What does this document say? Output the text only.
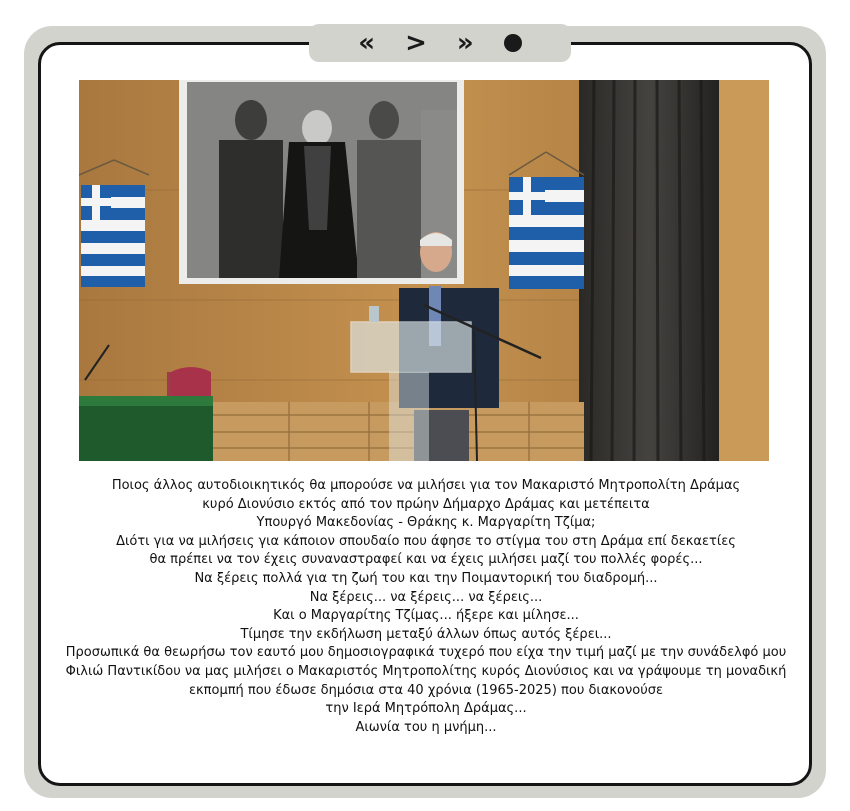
« > »
Ποιος άλλος αυτοδιοικητικός θα μπορούσε να μιλήσει για τον Μακαριστό Μητροπολίτη Δράμας
κυρό Διονύσιο εκτός από τον πρώην Δήμαρχο Δράμας και μετέπειτα
Υπουργό Μακεδονίας - Θράκης κ. Μαργαρίτη Τζίμα;
Διότι για να μιλήσεις για κάποιον σπουδαίο που άφησε το στίγμα του στη Δράμα επί δεκαετίες
θα πρέπει να τον έχεις συναναστραφεί και να έχεις μιλήσει μαζί του πολλές φορές...
Να ξέρεις πολλά για τη ζωή του και την Ποιμαντορική του διαδρομή...
Να ξέρεις... να ξέρεις... να ξέρεις...
Και ο Μαργαρίτης Τζίμας... ήξερε και μίλησε...
Τίμησε την εκδήλωση μεταξύ άλλων όπως αυτός ξέρει...
Προσωπικά θα θεωρήσω τον εαυτό μου δημοσιογραφικά τυχερό που είχα την τιμή μαζί με την συνάδελφό μου
Φιλιώ Παντικίδου να μας μιλήσει ο Μακαριστός Μητροπολίτης κυρός Διονύσιος και να γράψουμε τη μοναδική
εκπομπή που έδωσε δημόσια στα 40 χρόνια (1965-2025) που διακονούσε
την Ιερά Μητρόπολη Δράμας...
Αιωνία του η μνήμη...
